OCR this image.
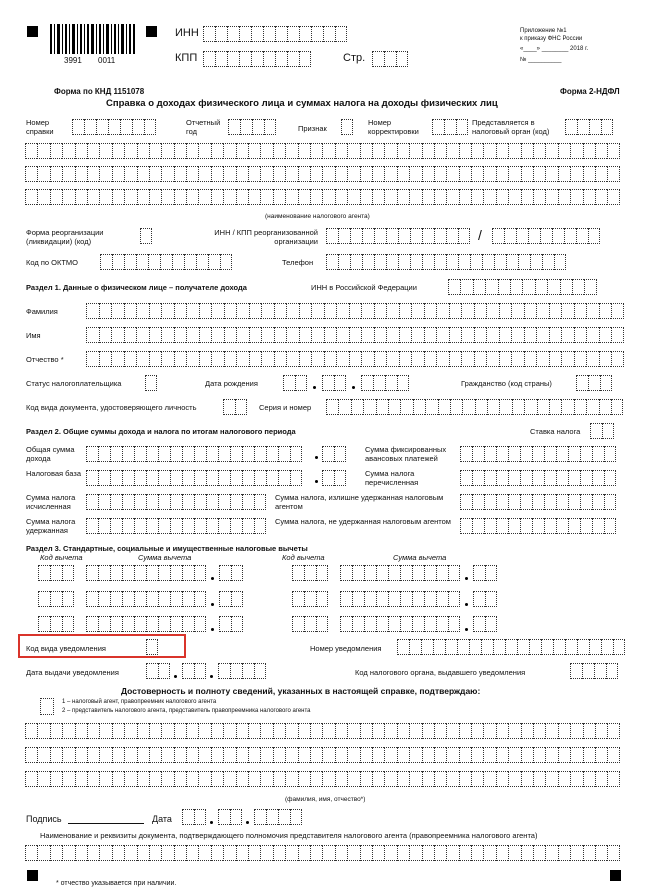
3991 0011
ИНН
КПП	Стр.
Приложение №1
к приказу ФНС России
«____» ________ 2018 г.
№ __________
Форма по КНД 1151078	Форма 2-НДФЛ
Справка о доходах физического лица и суммах налога на доходы физических лиц
Номер справки
Отчетный год	Признак
Номер корректировки
Представляется в налоговый орган (код)
(наименование налогового агента)
Форма реорганизации (ликвидации) (код)
ИНН / КПП реорганизованной организации	/
Код по ОКТМО	Телефон
Раздел 1. Данные о физическом лице – получателе дохода	ИНН в Российской Федерации
Фамилия
Имя
Отчество *
Статус налогоплательщика	Дата рождения	Гражданство (код страны)
Код вида документа, удостоверяющего личность	Серия и номер
Раздел 2. Общие суммы дохода и налога по итогам налогового периода	Ставка налога
Общая сумма дохода
Сумма фиксированных авансовых платежей
Налоговая база	Сумма налога перечисленная
Сумма налога исчисленная
Сумма налога, излишне удержанная налоговым агентом
Сумма налога удержанная
Сумма налога, не удержанная налоговым агентом
Раздел 3. Стандартные, социальные и имущественные налоговые вычеты
Код вычета	Сумма вычета	Код вычета	Сумма вычета
Код вида уведомления	Номер уведомления
Дата выдачи уведомления	Код налогового органа, выдавшего уведомления
Достоверность и полноту сведений, указанных в настоящей справке, подтверждаю:
1 – налоговый агент, правопреемник налогового агента
2 – представитель налогового агента, представитель правопреемника налогового агента
(фамилия, имя, отчество*)
Подпись	Дата
Наименование и реквизиты документа, подтверждающего полномочия представителя налогового агента (правопреемника налогового агента)
* отчество указывается при наличии.
